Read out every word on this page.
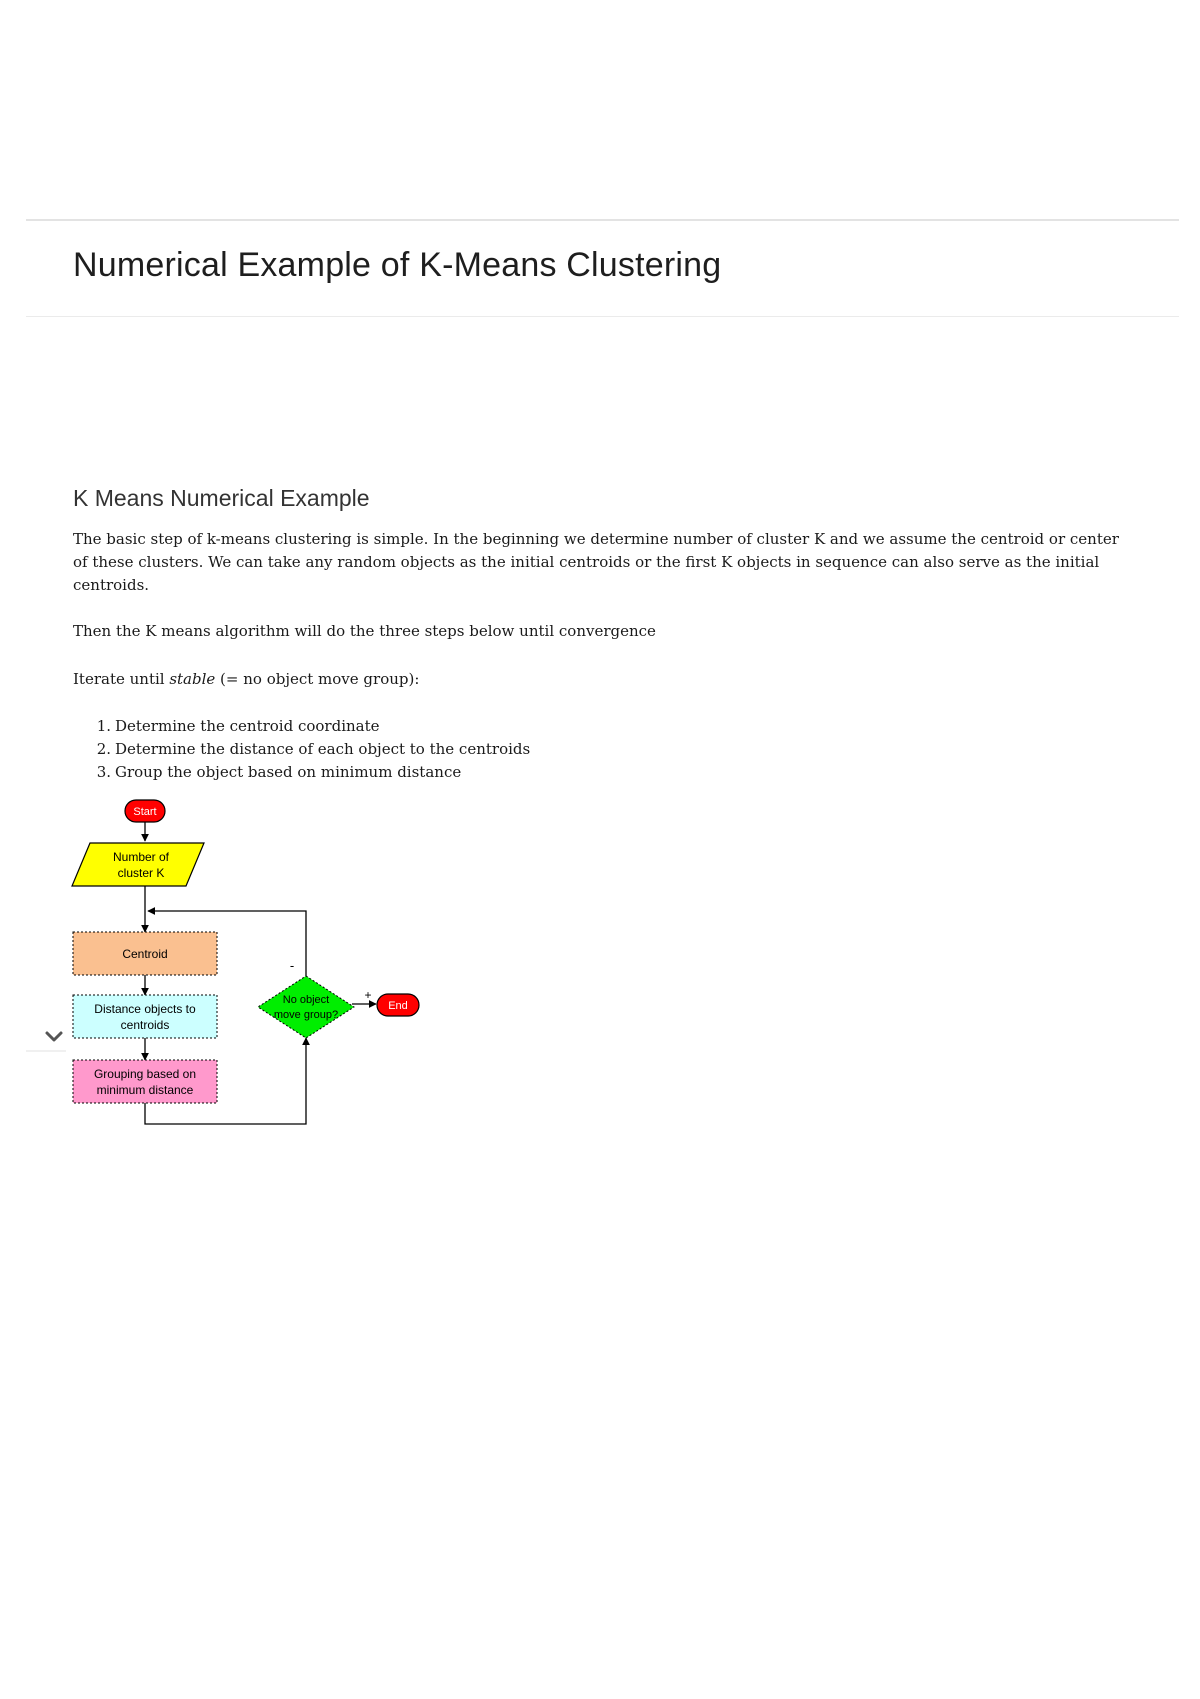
Numerical Example of K-Means Clustering
K Means Numerical Example

The basic step of k-means clustering is simple. In the beginning we determine number of cluster K and we assume the centroid or center of these clusters. We can take any random objects as the initial centroids or the first K objects in sequence can also serve as the initial centroids.

Then the K means algorithm will do the three steps below until convergence

Iterate until stable (= no object move group):

1. Determine the centroid coordinate
2. Determine the distance of each object to the centroids
3. Group the object based on minimum distance
Start
Number of
cluster K
Centroid
Distance objects to
centroids
Grouping based on
minimum distance
No object
move group?
End
-
+
